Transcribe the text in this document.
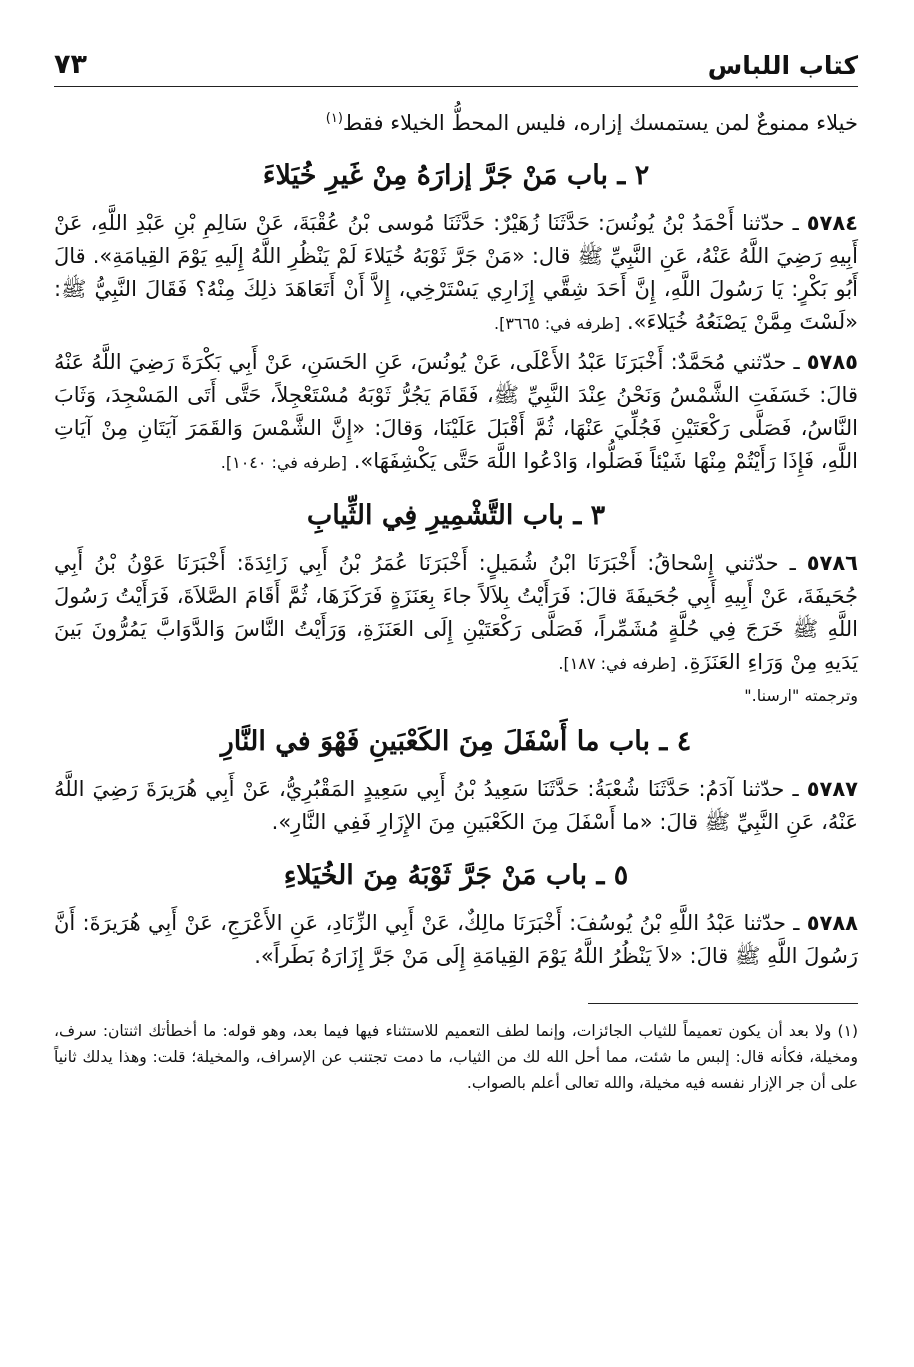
كتاب اللباس
٧٣
خيلاء ممنوعٌ لمن يستمسك إزاره، فليس المحطُّ الخيلاء فقط$^{(١)}$
٢ ـ باب مَنْ جَرَّ إزارَهُ مِنْ غَيرِ خُيَلاءَ

٥٧٨٤ ـ حدّثنا أَحْمَدُ بْنُ يُونُسَ: حَدَّثَنَا زُهَيْرٌ: حَدَّثَنَا مُوسى بْنُ عُقْبَةَ، عَنْ سَالِمِ بْنِ عَبْدِ اللَّهِ، عَنْ أَبِيهِ رَضِيَ اللَّهُ عَنْهُ، عَنِ النَّبِيِّ ﷺ قال: «مَنْ جَرَّ ثَوْبَهُ خُيَلاءَ لَمْ يَنْظُرِ اللَّهُ إِلَيهِ يَوْمَ القِيامَةِ». قالَ أَبُو بَكْرٍ: يَا رَسُولَ اللَّهِ، إِنَّ أَحَدَ شِقَّي إِزَارِي يَسْتَرْخِي، إِلاَّ أَنْ أَتَعَاهَدَ ذلِكَ مِنْهُ؟ فَقَالَ النَّبِيُّ ﷺ: «لَسْتَ مِمَّنْ يَصْنَعُهُ خُيَلاءَ». [طرفه في: ٣٦٦٥].

٥٧٨٥ ـ حدّثني مُحَمَّدٌ: أَخْبَرَنَا عَبْدُ الأَعْلَى، عَنْ يُونُسَ، عَنِ الحَسَنِ، عَنْ أَبِي بَكْرَةَ رَضِيَ اللَّهُ عَنْهُ قالَ: خَسَفَتِ الشَّمْسُ وَنَحْنُ عِنْدَ النَّبِيِّ ﷺ، فَقَامَ يَجُرُّ ثَوْبَهُ مُسْتَعْجِلاً، حَتَّى أَتَى المَسْجِدَ، وَثَابَ النَّاسُ، فَصَلَّى رَكْعَتَيْنِ فَجُلِّيَ عَنْهَا، ثُمَّ أَقْبَلَ عَلَيْنَا، وَقالَ: «إِنَّ الشَّمْسَ وَالقَمَرَ آيَتَانِ مِنْ آيَاتِ اللَّهِ، فَإِذَا رَأَيْتُمْ مِنْهَا شَيْئاً فَصَلُّوا، وَادْعُوا اللَّهَ حَتَّى يَكْشِفَهَا». [طرفه في: ١٠٤٠].

٣ ـ باب التَّشْمِيرِ فِي الثِّيابِ

٥٧٨٦ ـ حدّثني إِسْحاقُ: أَخْبَرَنَا ابْنُ شُمَيلٍ: أَخْبَرَنَا عُمَرُ بْنُ أَبِي زَائِدَةَ: أَخْبَرَنَا عَوْنُ بْنُ أَبِي جُحَيفَةَ، عَنْ أَبِيهِ أَبِي جُحَيفَةَ قالَ: فَرَأَيْتُ بِلاَلاً جاءَ بِعَنَزَةٍ فَرَكَزَهَا، ثُمَّ أَقَامَ الصَّلاَةَ، فَرَأَيْتُ رَسُولَ اللَّهِ ﷺ خَرَجَ فِي حُلَّةٍ مُشَمِّراً، فَصَلَّى رَكْعَتَيْنِ إِلَى العَنَزَةِ، وَرَأَيْتُ النَّاسَ وَالدَّوَابَّ يَمُرُّونَ بَينَ يَدَيهِ مِنْ وَرَاءِ العَنَزَةِ. [طرفه في: ١٨٧].

وترجمته "ارسنا."
٤ ـ باب ما أَسْفَلَ مِنَ الكَعْبَينِ فَهْوَ في النَّارِ

٥٧٨٧ ـ حدّثنا آدَمُ: حَدَّثَنَا شُعْبَةُ: حَدَّثَنَا سَعِيدُ بْنُ أَبِي سَعِيدٍ المَقْبُرِيُّ، عَنْ أَبِي هُرَيرَةَ رَضِيَ اللَّهُ عَنْهُ، عَنِ النَّبِيِّ ﷺ قالَ: «ما أَسْفَلَ مِنَ الكَعْبَينِ مِنَ الإِزَارِ فَفِي النَّارِ».

٥ ـ باب مَنْ جَرَّ ثَوْبَهُ مِنَ الخُيَلاءِ

٥٧٨٨ ـ حدّثنا عَبْدُ اللَّهِ بْنُ يُوسُفَ: أَخْبَرَنَا مالِكٌ، عَنْ أَبِي الزِّنَادِ، عَنِ الأَعْرَجِ، عَنْ أَبِي هُرَيرَةَ: أَنَّ رَسُولَ اللَّهِ ﷺ قالَ: «لاَ يَنْظُرُ اللَّهُ يَوْمَ القِيامَةِ إِلَى مَنْ جَرَّ إِزَارَهُ بَطَراً».

(١) ولا بعد أن يكون تعميماً للثياب الجائزات، وإنما لطف التعميم للاستثناء فيها فيما بعد، وهو قوله: ما أخطأتك اثنتان: سرف، ومخيلة، فكأنه قال: إلبس ما شئت، مما أحل الله لك من الثياب، ما دمت تجتنب عن الإسراف، والمخيلة؛ قلت: وهذا يدلك ثانياً على أن جر الإزار نفسه فيه مخيلة، والله تعالى أعلم بالصواب.
